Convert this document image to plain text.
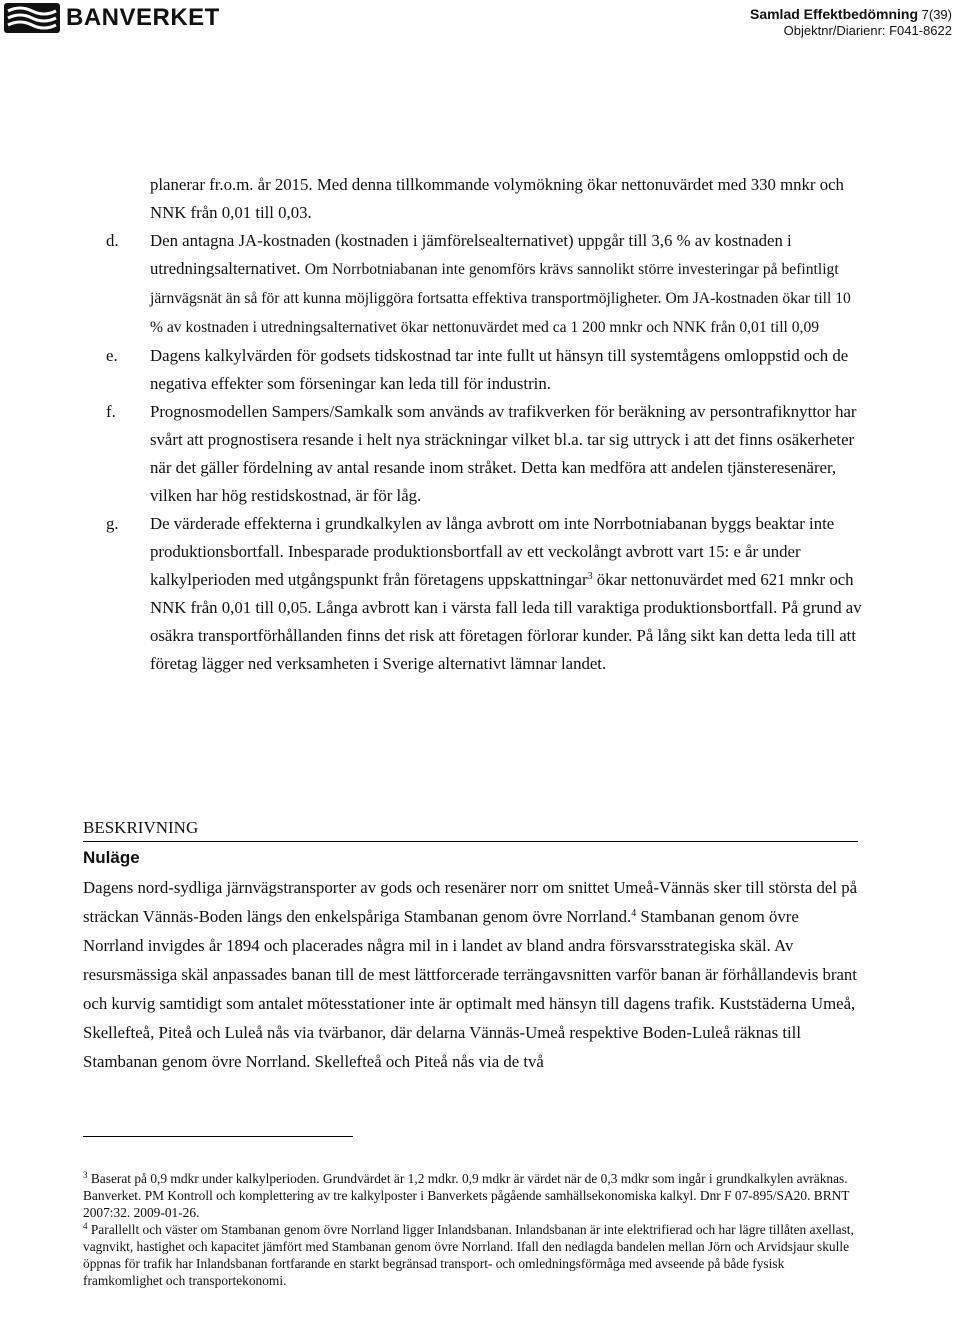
BANVERKET	Samlad Effektbedömning 7(39)
Objektnr/Diarienr: F041-8622
planerar fr.o.m. år 2015. Med denna tillkommande volymökning ökar nettonuvärdet med 330 mnkr och NNK från 0,01 till 0,03.
d.	Den antagna JA-kostnaden (kostnaden i jämförelsealternativet) uppgår till 3,6 % av kostnaden i utredningsalternativet. Om Norrbotniabanan inte genomförs krävs sannolikt större investeringar på befintligt järnvägsnät än så för att kunna möjliggöra fortsatta effektiva transportmöjligheter. Om JA-kostnaden ökar till 10 % av kostnaden i utredningsalternativet ökar nettonuvärdet med ca 1 200 mnkr och NNK från 0,01 till 0,09
e.	Dagens kalkylvärden för godsets tidskostnad tar inte fullt ut hänsyn till systemtågens omloppstid och de negativa effekter som förseningar kan leda till för industrin.
f.	Prognosmodellen Sampers/Samkalk som används av trafikverken för beräkning av persontrafiknyttor har svårt att prognostisera resande i helt nya sträckningar vilket bl.a. tar sig uttryck i att det finns osäkerheter när det gäller fördelning av antal resande inom stråket. Detta kan medföra att andelen tjänsteresenärer, vilken har hög restidskostnad, är för låg.
g.	De värderade effekterna i grundkalkylen av långa avbrott om inte Norrbotniabanan byggs beaktar inte produktionsbortfall. Inbesparade produktionsbortfall av ett veckolångt avbrott vart 15: e år under kalkylperioden med utgångspunkt från företagens uppskattningar$^3$ ökar nettonuvärdet med 621 mnkr och NNK från 0,01 till 0,05. Långa avbrott kan i värsta fall leda till varaktiga produktionsbortfall. På grund av osäkra transportförhållanden finns det risk att företagen förlorar kunder. På lång sikt kan detta leda till att företag lägger ned verksamheten i Sverige alternativt lämnar landet.
BESKRIVNING
Nuläge
Dagens nord-sydliga järnvägstransporter av gods och resenärer norr om snittet Umeå-Vännäs sker till största del på sträckan Vännäs-Boden längs den enkelspåriga Stambanan genom övre Norrland.$^4$ Stambanan genom övre Norrland invigdes år 1894 och placerades några mil in i landet av bland andra försvarsstrategiska skäl. Av resursmässiga skäl anpassades banan till de mest lättforcerade terrängavsnitten varför banan är förhållandevis brant och kurvig samtidigt som antalet mötesstationer inte är optimalt med hänsyn till dagens trafik. Kuststäderna Umeå, Skellefteå, Piteå och Luleå nås via tvärbanor, där delarna Vännäs-Umeå respektive Boden-Luleå räknas till Stambanan genom övre Norrland. Skellefteå och Piteå nås via de två
$^3$ Baserat på 0,9 mdkr under kalkylperioden. Grundvärdet är 1,2 mdkr. 0,9 mdkr är värdet när de 0,3 mdkr som ingår i grundkalkylen avräknas. Banverket. PM Kontroll och komplettering av tre kalkylposter i Banverkets pågående samhällsekonomiska kalkyl. Dnr F 07-895/SA20. BRNT 2007:32. 2009-01-26.
$^4$ Parallellt och väster om Stambanan genom övre Norrland ligger Inlandsbanan. Inlandsbanan är inte elektrifierad och har lägre tillåten axellast, vagnvikt, hastighet och kapacitet jämfört med Stambanan genom övre Norrland. Ifall den nedlagda bandelen mellan Jörn och Arvidsjaur skulle öppnas för trafik har Inlandsbanan fortfarande en starkt begränsad transport- och omledningsförmåga med avseende på både fysisk framkomlighet och transportekonomi.
